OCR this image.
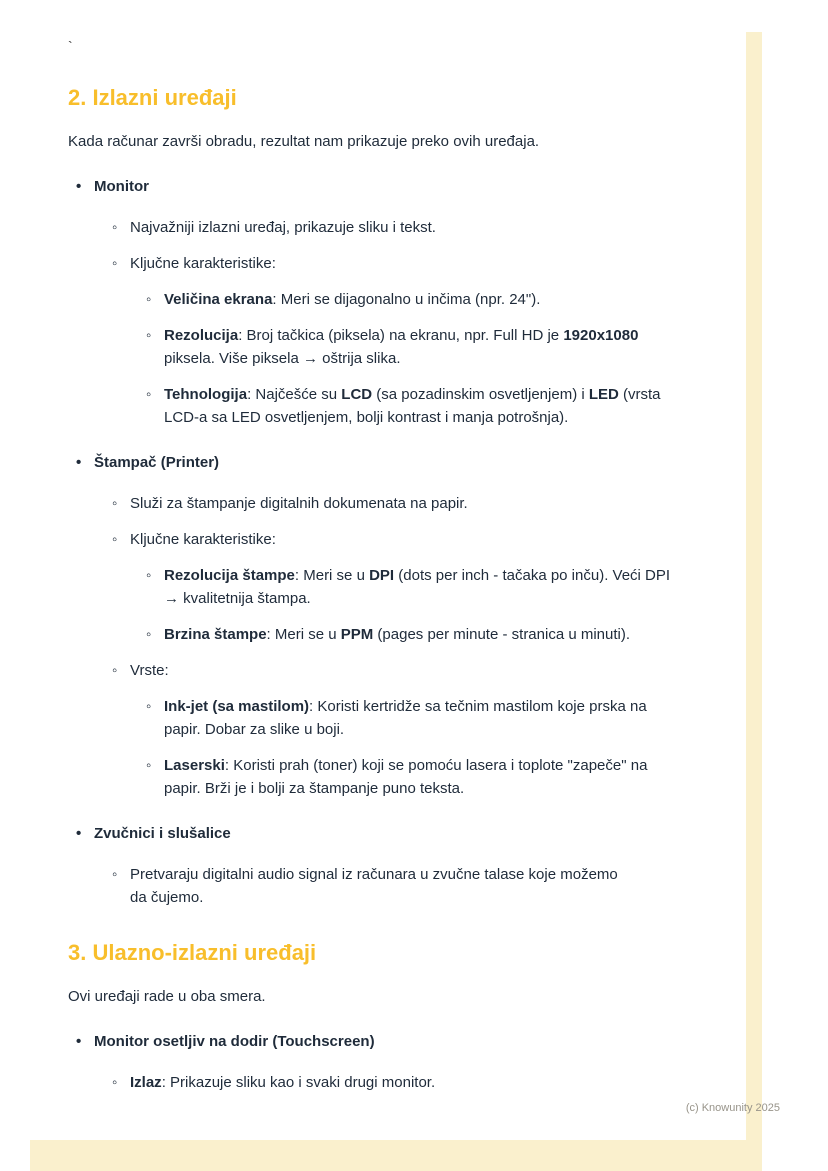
`
2. Izlazni uređaji

Kada računar završi obradu, rezultat nam prikazuje preko ovih uređaja.

• Monitor
◦ Najvažniji izlazni uređaj, prikazuje sliku i tekst.
◦ Ključne karakteristike:
◦ Veličina ekrana: Meri se dijagonalno u inčima (npr. 24").
◦ Rezolucija: Broj tačkica (piksela) na ekranu, npr. Full HD je 1920x1080 piksela. Više piksela → oštrija slika.
◦ Tehnologija: Najčešće su LCD (sa pozadinskim osvetljenjem) i LED (vrsta LCD-a sa LED osvetljenjem, bolji kontrast i manja potrošnja).
• Štampač (Printer)
◦ Služi za štampanje digitalnih dokumenata na papir.
◦ Ključne karakteristike:
◦ Rezolucija štampe: Meri se u DPI (dots per inch - tačaka po inču). Veći DPI → kvalitetnija štampa.
◦ Brzina štampe: Meri se u PPM (pages per minute - stranica u minuti).
◦ Vrste:
◦ Ink-jet (sa mastilom): Koristi kertridže sa tečnim mastilom koje prska na papir. Dobar za slike u boji.
◦ Laserski: Koristi prah (toner) koji se pomoću lasera i toplote "zapeče" na papir. Brži je i bolji za štampanje puno teksta.
• Zvučnici i slušalice
◦ Pretvaraju digitalni audio signal iz računara u zvučne talase koje možemo da čujemo.
3. Ulazno-izlazni uređaji

Ovi uređaji rade u oba smera.

• Monitor osetljiv na dodir (Touchscreen)
◦ Izlaz: Prikazuje sliku kao i svaki drugi monitor.
(c) Knowunity 2025
